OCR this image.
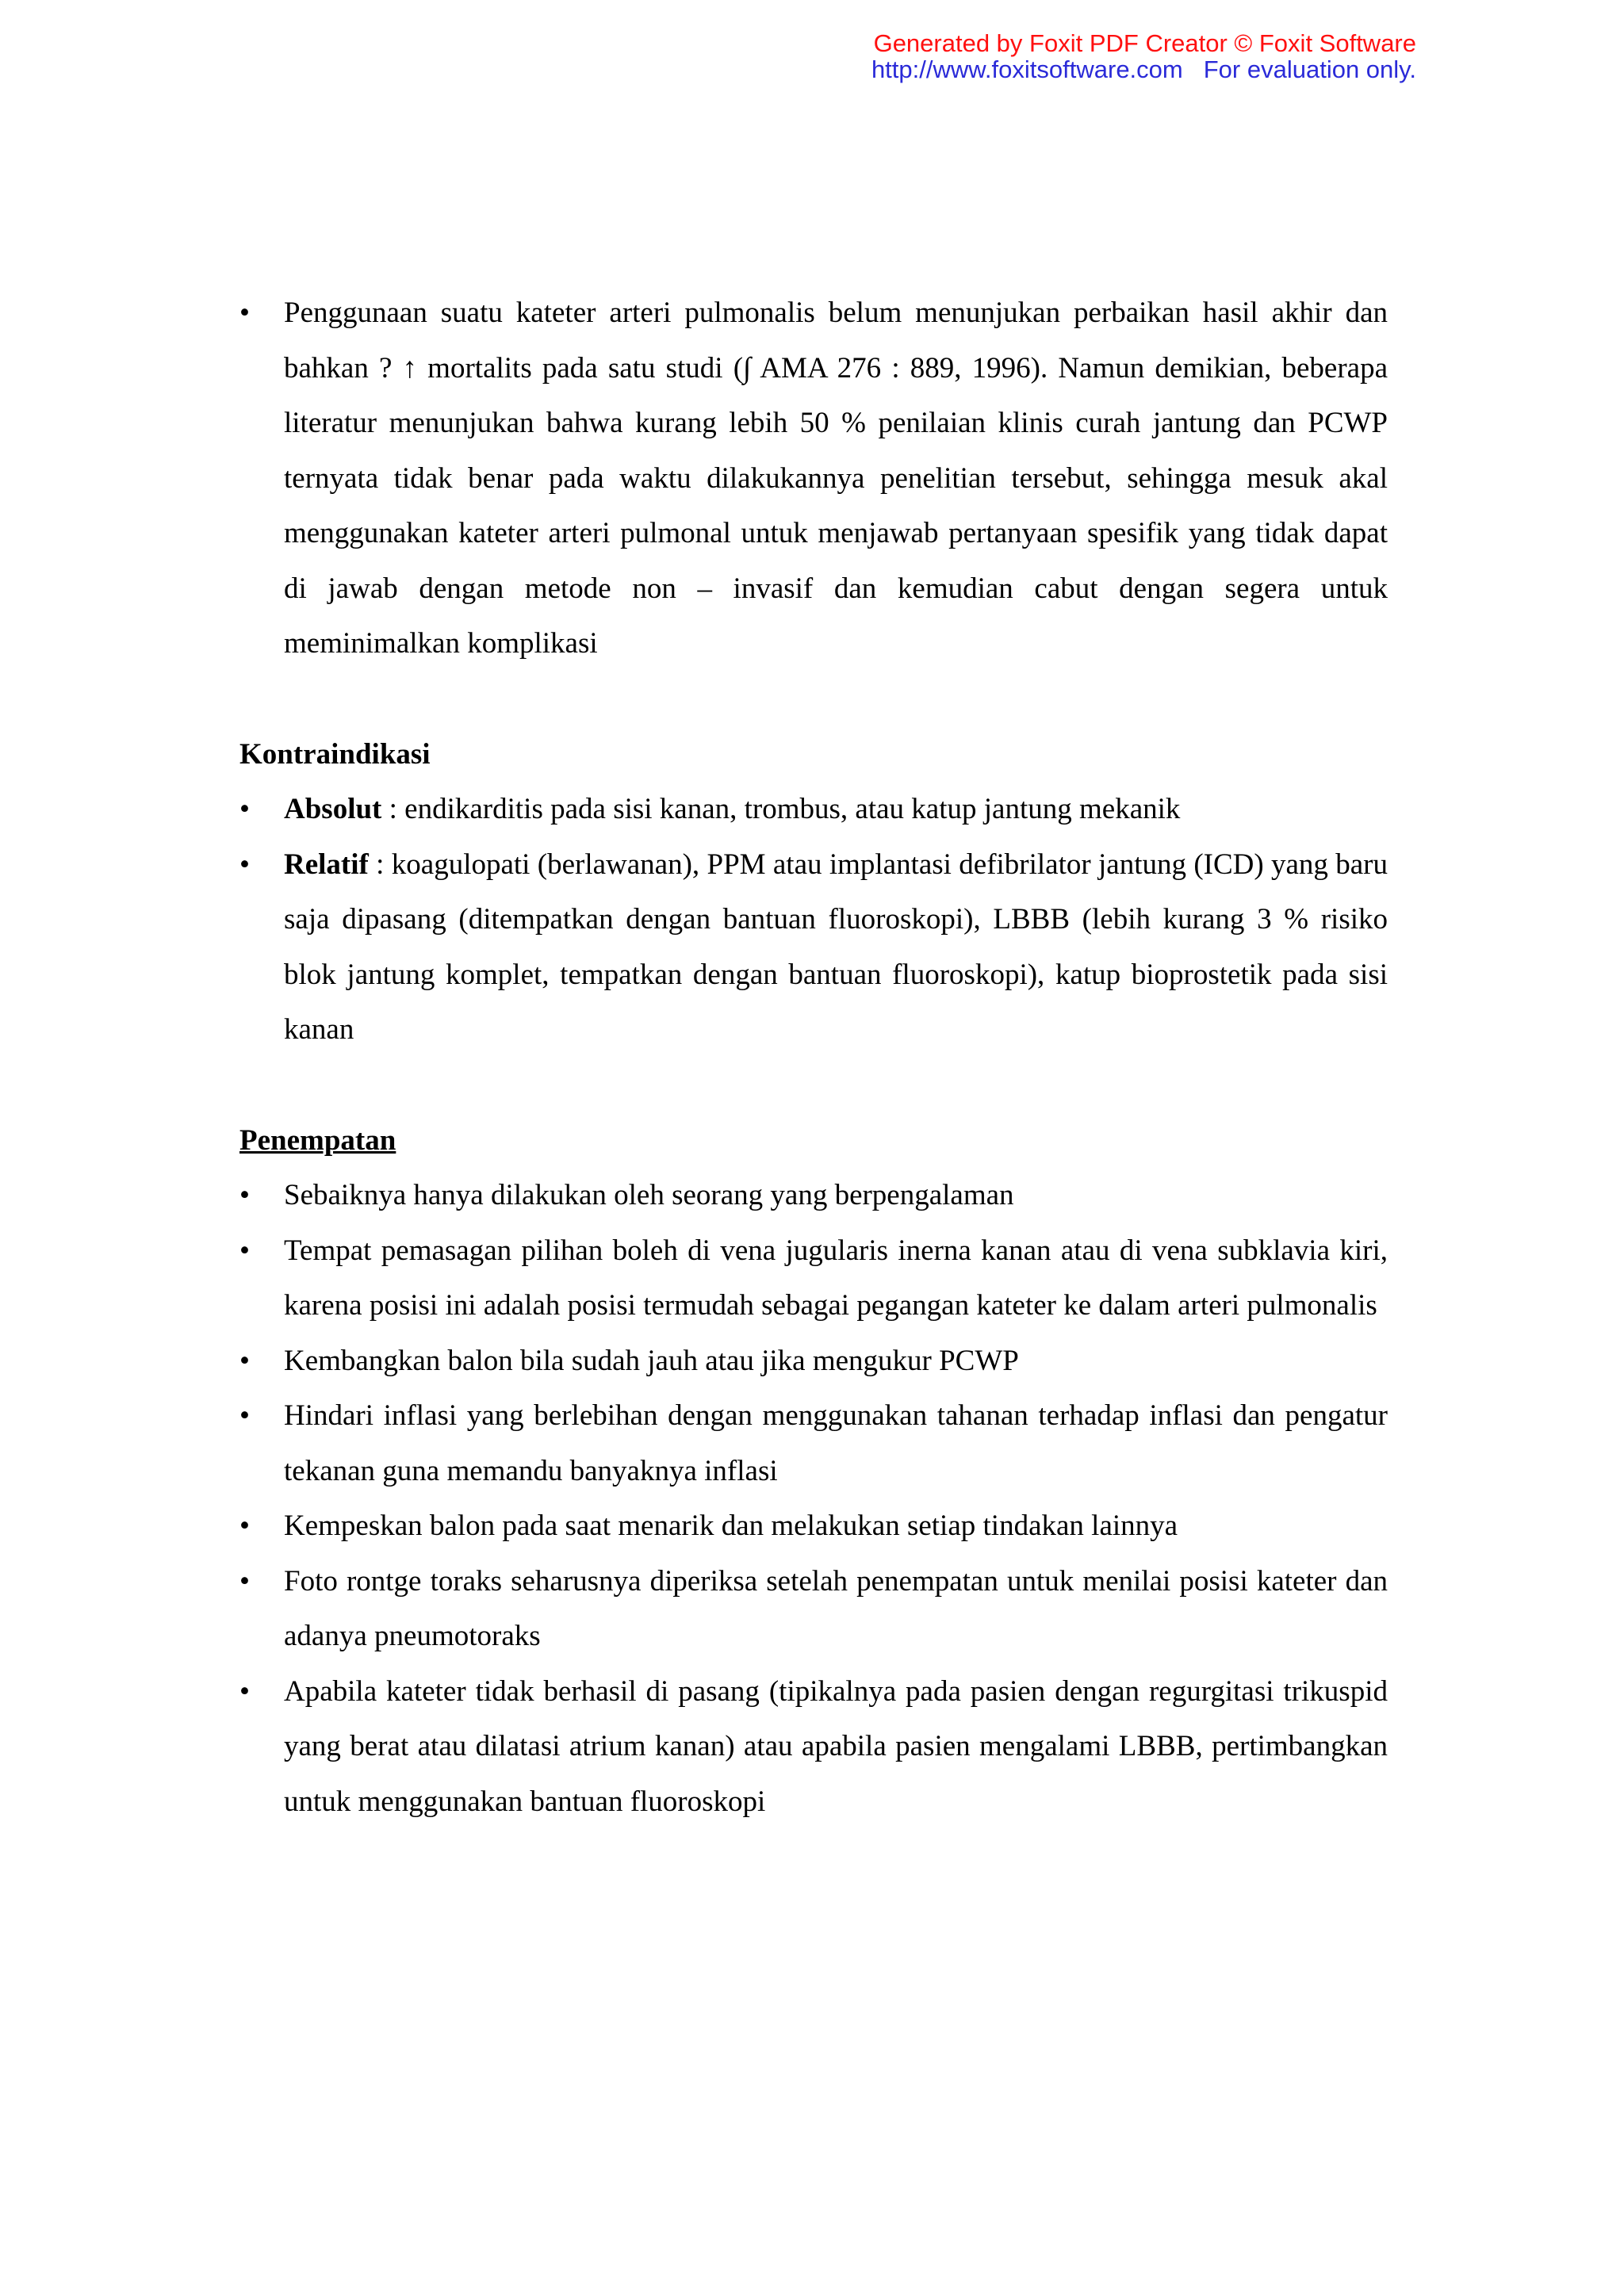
Generated by Foxit PDF Creator © Foxit Software
http://www.foxitsoftware.com For evaluation only.
•	Penggunaan suatu kateter arteri pulmonalis belum menunjukan perbaikan hasil akhir dan bahkan ? ↑ mortalits pada satu studi (∫ AMA 276 : 889, 1996). Namun demikian, beberapa literatur menunjukan bahwa kurang lebih 50 % penilaian klinis curah jantung dan PCWP ternyata tidak benar pada waktu dilakukannya penelitian tersebut, sehingga mesuk akal menggunakan kateter arteri pulmonal untuk menjawab pertanyaan spesifik yang tidak dapat di jawab dengan metode non – invasif dan kemudian cabut dengan segera untuk meminimalkan komplikasi

Kontraindikasi

•	Absolut : endikarditis pada sisi kanan, trombus, atau katup jantung mekanik
•	Relatif : koagulopati (berlawanan), PPM atau implantasi defibrilator jantung (ICD) yang baru saja dipasang (ditempatkan dengan bantuan fluoroskopi), LBBB (lebih kurang 3 % risiko blok jantung komplet, tempatkan dengan bantuan fluoroskopi), katup bioprostetik pada sisi kanan

Penempatan

•	Sebaiknya hanya dilakukan oleh seorang yang berpengalaman
•	Tempat pemasagan pilihan boleh di vena jugularis inerna kanan atau di vena subklavia kiri, karena posisi ini adalah posisi termudah sebagai pegangan kateter ke dalam arteri pulmonalis
•	Kembangkan balon bila sudah jauh atau jika mengukur PCWP
•	Hindari inflasi yang berlebihan dengan menggunakan tahanan terhadap inflasi dan pengatur tekanan guna memandu banyaknya inflasi
•	Kempeskan balon pada saat menarik dan melakukan setiap tindakan lainnya
•	Foto rontge toraks seharusnya diperiksa setelah penempatan untuk menilai posisi kateter dan adanya pneumotoraks
•	Apabila kateter tidak berhasil di pasang (tipikalnya pada pasien dengan regurgitasi trikuspid yang berat atau dilatasi atrium kanan) atau apabila pasien mengalami LBBB, pertimbangkan untuk menggunakan bantuan fluoroskopi
